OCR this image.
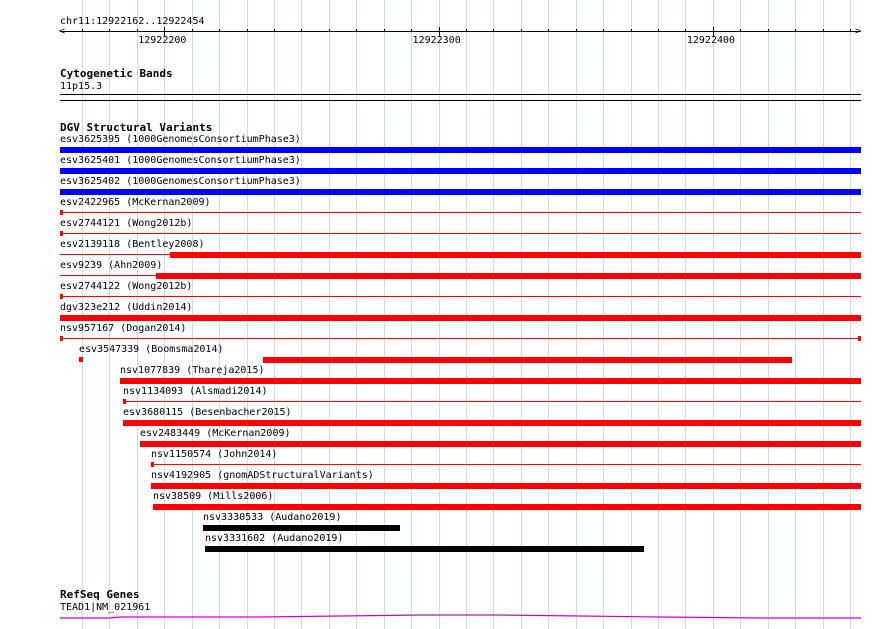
chr11:12922162..12922454
12922200	12922300	12922400
Cytogenetic Bands
11p15.3
DGV Structural Variants
esv3625395 (1000GenomesConsortiumPhase3)
esv3625401 (1000GenomesConsortiumPhase3)
esv3625402 (1000GenomesConsortiumPhase3)
esv2422965 (McKernan2009)
esv2744121 (Wong2012b)
esv2139118 (Bentley2008)
esv9239 (Ahn2009)
esv2744122 (Wong2012b)
dgv323e212 (Uddin2014)
nsv957167 (Dogan2014)
esv3547339 (Boomsma2014)
nsv1077839 (Thareja2015)
nsv1134093 (Alsmadi2014)
esv3680115 (Besenbacher2015)
esv2483449 (McKernan2009)
nsv1150574 (John2014)
nsv4192905 (gnomADStructuralVariants)
nsv38509 (Mills2006)
nsv3330533 (Audano2019)
nsv3331602 (Audano2019)
RefSeq Genes
TEAD1|NM_021961
